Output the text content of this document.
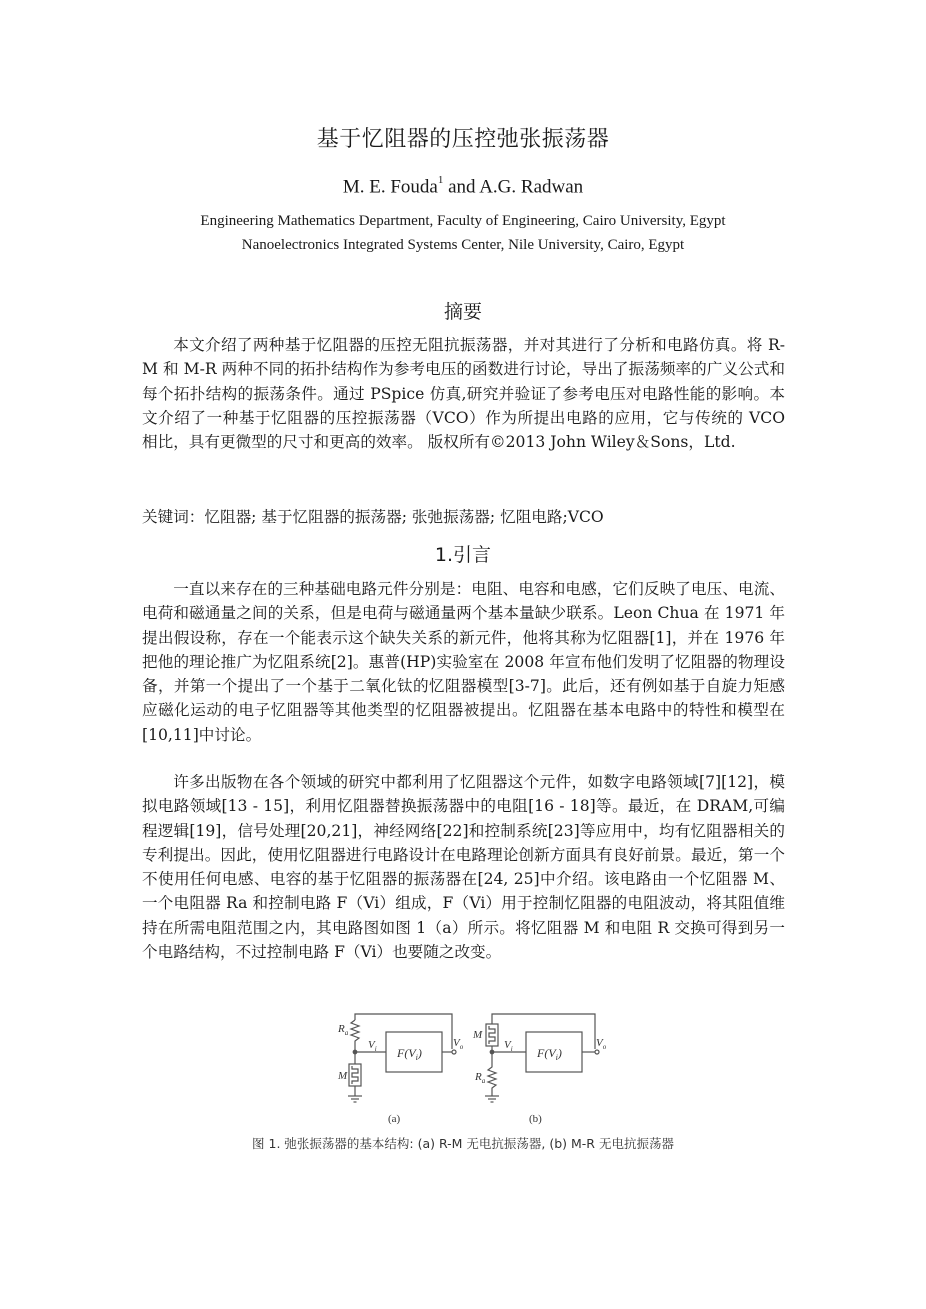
基于忆阻器的压控弛张振荡器
M. E. Fouda$^1$ and A.G. Radwan
Engineering Mathematics Department, Faculty of Engineering, Cairo University, Egypt
Nanoelectronics Integrated Systems Center, Nile University, Cairo, Egypt
摘要

本文介绍了两种基于忆阻器的压控无阻抗振荡器，并对其进行了分析和电路仿真。将 R-M 和 M-R 两种不同的拓扑结构作为参考电压的函数进行讨论，导出了振荡频率的广义公式和每个拓扑结构的振荡条件。通过 PSpice 仿真,研究并验证了参考电压对电路性能的影响。本文介绍了一种基于忆阻器的压控振荡器（VCO）作为所提出电路的应用，它与传统的 VCO 相比，具有更微型的尺寸和更高的效率。 版权所有©2013 John Wiley＆Sons，Ltd.

关键词：忆阻器; 基于忆阻器的振荡器; 张弛振荡器; 忆阻电路;VCO

1.引言

一直以来存在的三种基础电路元件分别是：电阻、电容和电感，它们反映了电压、电流、电荷和磁通量之间的关系，但是电荷与磁通量两个基本量缺少联系。Leon Chua 在 1971 年提出假设称，存在一个能表示这个缺失关系的新元件，他将其称为忆阻器[1]，并在 1976 年把他的理论推广为忆阻系统[2]。惠普(HP)实验室在 2008 年宣布他们发明了忆阻器的物理设备，并第一个提出了一个基于二氧化钛的忆阻器模型[3-7]。此后，还有例如基于自旋力矩感应磁化运动的电子忆阻器等其他类型的忆阻器被提出。忆阻器在基本电路中的特性和模型在[10,11]中讨论。

许多出版物在各个领域的研究中都利用了忆阻器这个元件，如数字电路领域[7][12]，模拟电路领域[13 - 15]，利用忆阻器替换振荡器中的电阻[16 - 18]等。最近，在 DRAM,可编程逻辑[19]，信号处理[20,21]，神经网络[22]和控制系统[23]等应用中，均有忆阻器相关的专利提出。因此，使用忆阻器进行电路设计在电路理论创新方面具有良好前景。最近，第一个不使用任何电感、电容的基于忆阻器的振荡器在[24, 25]中介绍。该电路由一个忆阻器 M、一个电阻器 Ra 和控制电路 F（Vi）组成，F（Vi）用于控制忆阻器的电阻波动，将其阻值维持在所需电阻范围之内，其电路图如图 1（a）所示。将忆阻器 M 和电阻 R 交换可得到另一个电路结构，不过控制电路 F（Vi）也要随之改变。

$R_a$
$V_i$ $F(V_i)$
$V_o$
M
(a)
M
$V_i$ $F(V_i)$
$V_o$
$R_a$
(b)
图 1. 弛张振荡器的基本结构: (a) R-M 无电抗振荡器, (b) M-R 无电抗振荡器
